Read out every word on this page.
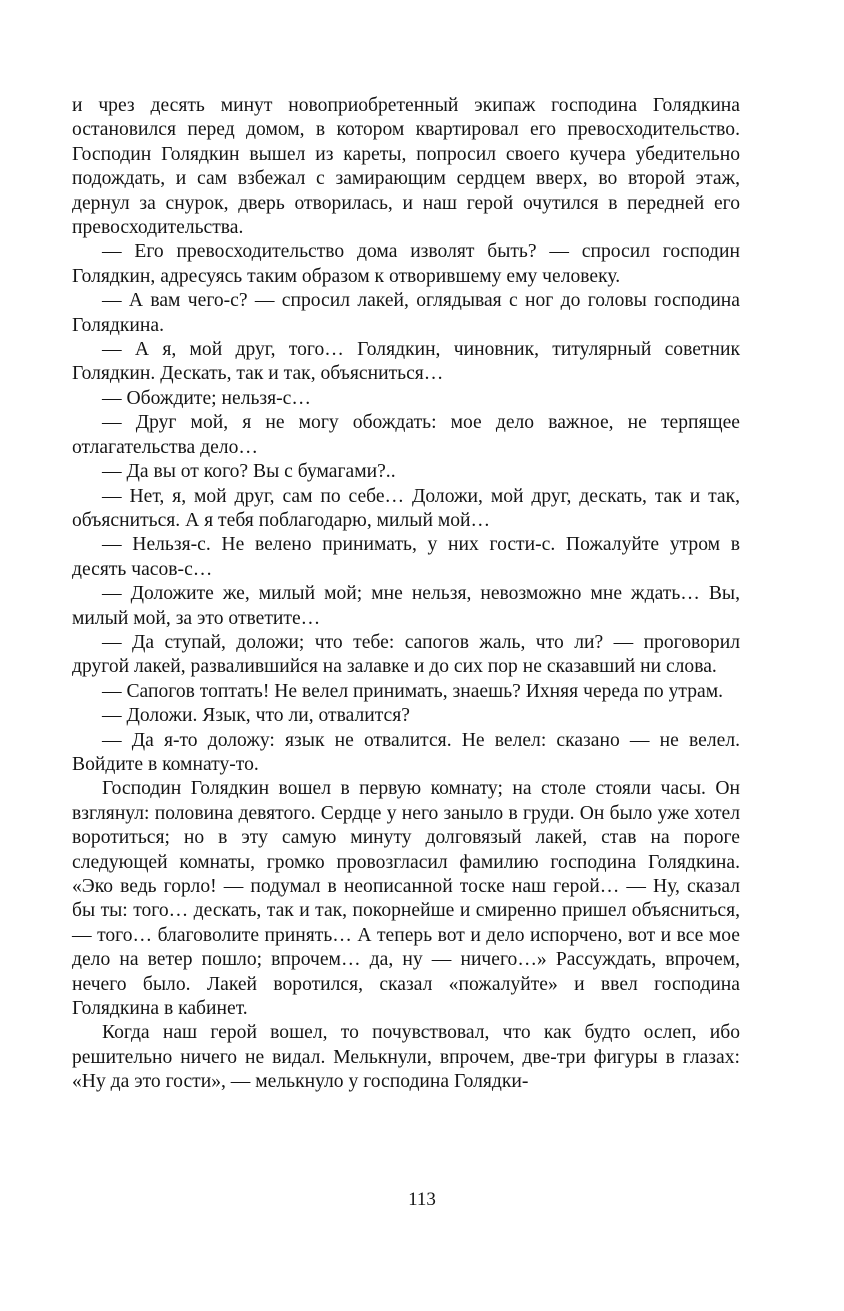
и чрез десять минут новоприобретенный экипаж господина Голядкина остановился перед домом, в котором квартировал его превосходительство. Господин Голядкин вышел из кареты, попросил своего кучера убедительно подождать, и сам взбежал с замирающим сердцем вверх, во второй этаж, дернул за снурок, дверь отворилась, и наш герой очутился в передней его превосходительства.

— Его превосходительство дома изволят быть? — спросил господин Голядкин, адресуясь таким образом к отворившему ему человеку.

— А вам чего-с? — спросил лакей, оглядывая с ног до головы господина Голядкина.

— А я, мой друг, того… Голядкин, чиновник, титулярный советник Голядкин. Дескать, так и так, объясниться…

— Обождите; нельзя-с…

— Друг мой, я не могу обождать: мое дело важное, не терпящее отлагательства дело…

— Да вы от кого? Вы с бумагами?..

— Нет, я, мой друг, сам по себе… Доложи, мой друг, дескать, так и так, объясниться. А я тебя поблагодарю, милый мой…

— Нельзя-с. Не велено принимать, у них гости-с. Пожалуйте утром в десять часов-с…

— Доложите же, милый мой; мне нельзя, невозможно мне ждать… Вы, милый мой, за это ответите…

— Да ступай, доложи; что тебе: сапогов жаль, что ли? — проговорил другой лакей, развалившийся на залавке и до сих пор не сказавший ни слова.

— Сапогов топтать! Не велел принимать, знаешь? Ихняя череда по утрам.

— Доложи. Язык, что ли, отвалится?

— Да я-то доложу: язык не отвалится. Не велел: сказано — не велел. Войдите в комнату-то.

Господин Голядкин вошел в первую комнату; на столе стояли часы. Он взглянул: половина девятого. Сердце у него заныло в груди. Он было уже хотел воротиться; но в эту самую минуту долговязый лакей, став на пороге следующей комнаты, громко провозгласил фамилию господина Голядкина. «Эко ведь горло! — подумал в неописанной тоске наш герой… — Ну, сказал бы ты: того… дескать, так и так, покорнейше и смиренно пришел объясниться, — того… благоволите принять… А теперь вот и дело испорчено, вот и все мое дело на ветер пошло; впрочем… да, ну — ничего…» Рассуждать, впрочем, нечего было. Лакей воротился, сказал «пожалуйте» и ввел господина Голядкина в кабинет.

Когда наш герой вошел, то почувствовал, что как будто ослеп, ибо решительно ничего не видал. Мелькнули, впрочем, две-три фигуры в глазах: «Ну да это гости», — мелькнуло у господина Голядки-

113
